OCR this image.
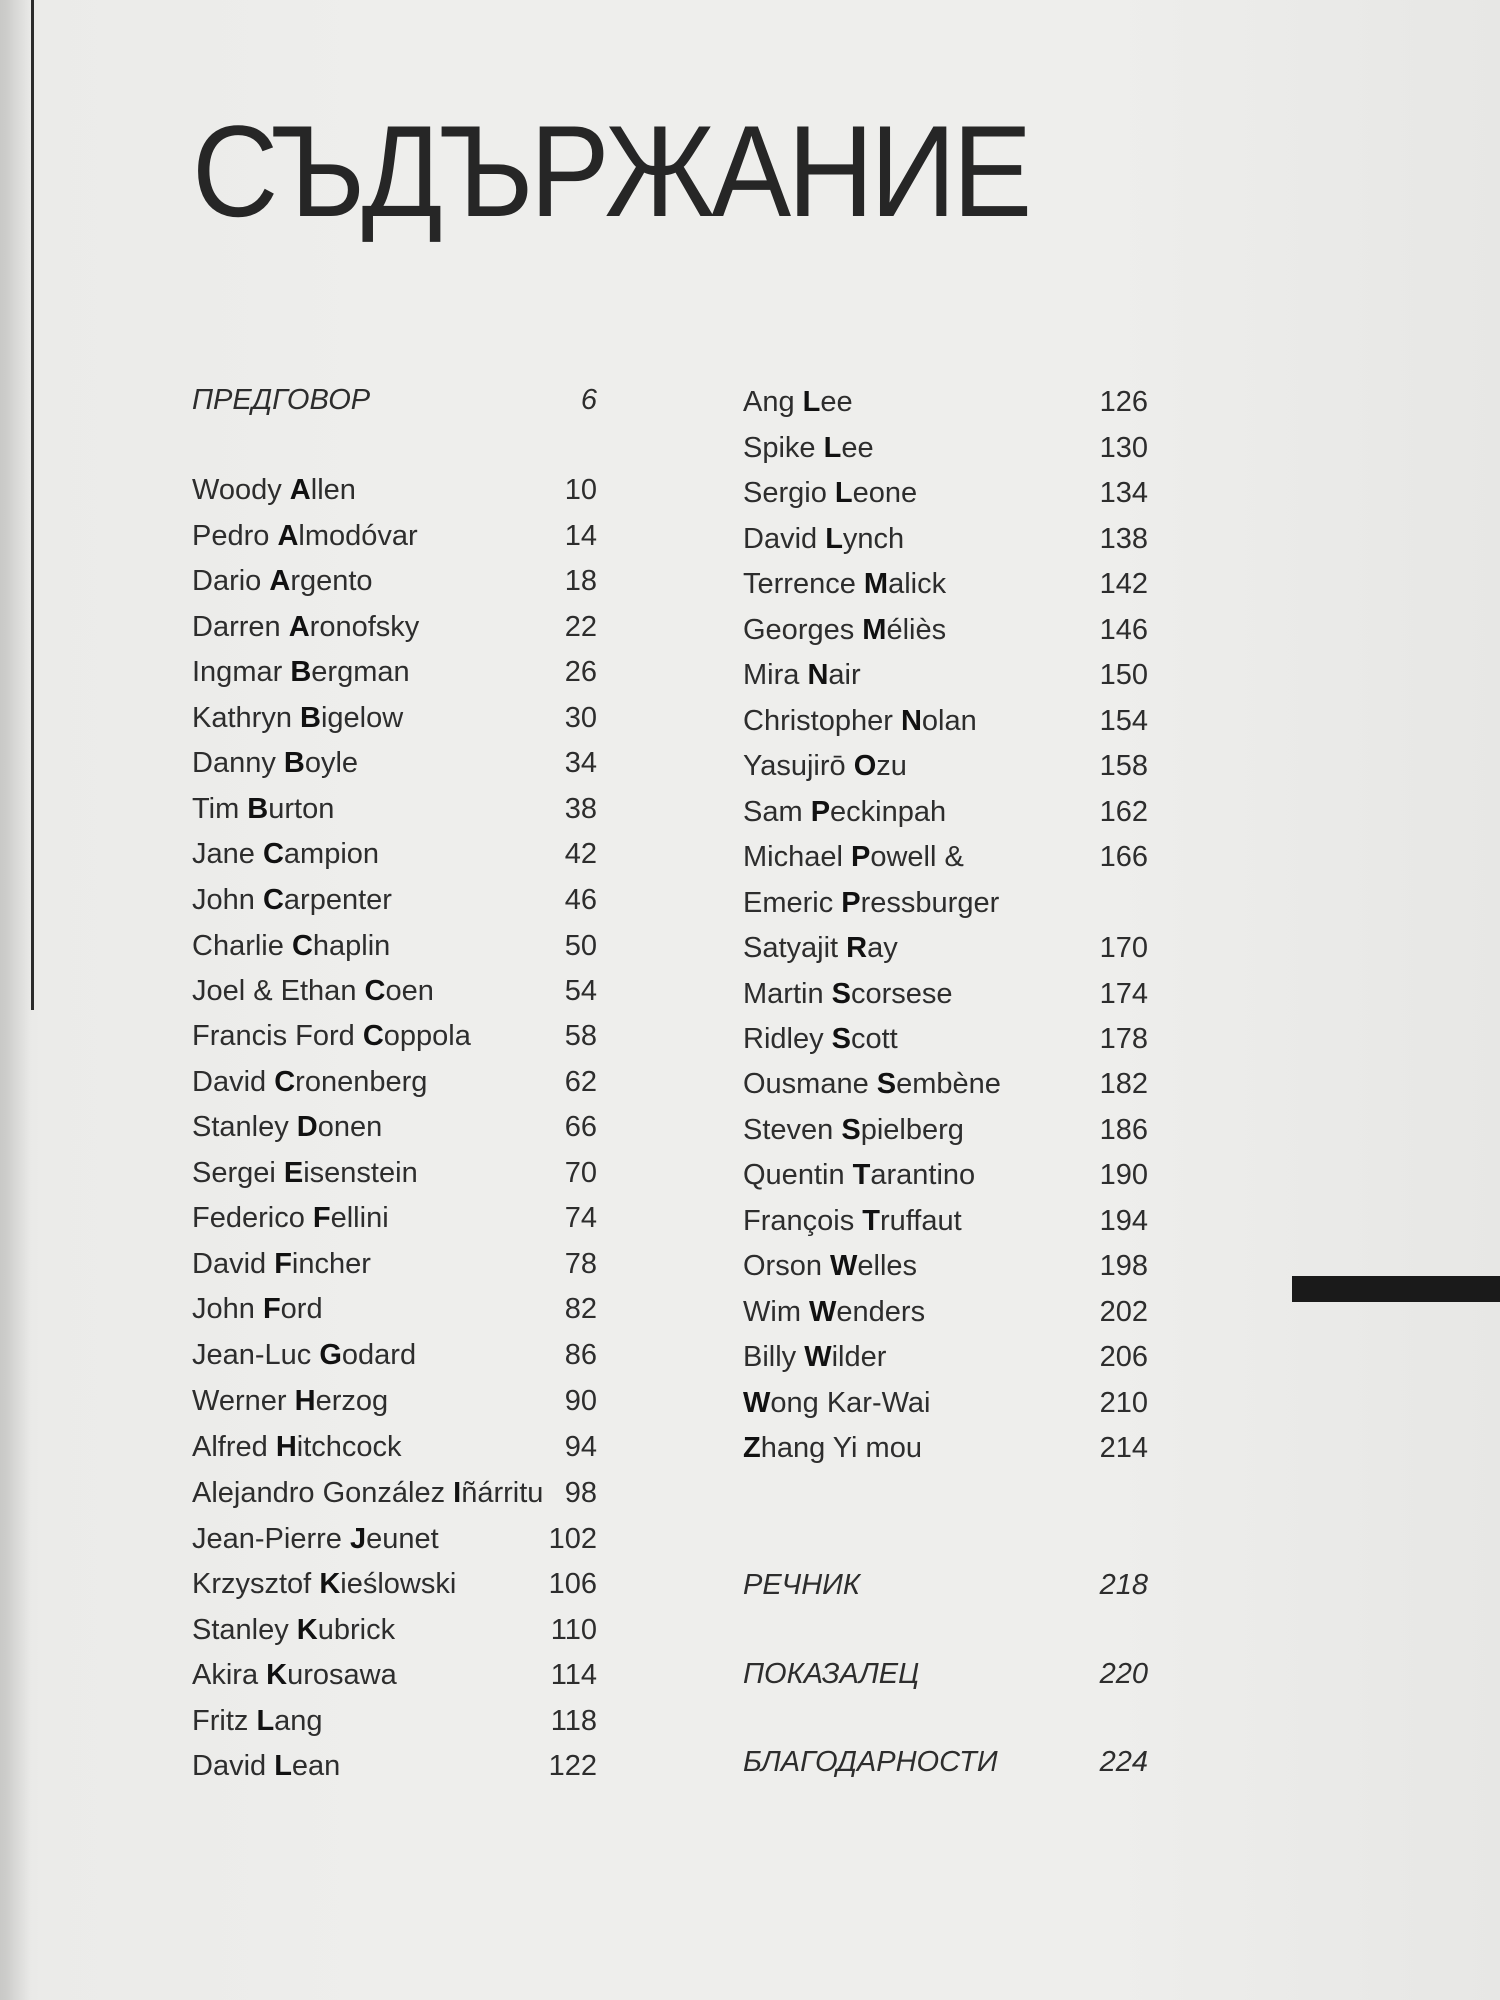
СЪДЪРЖАНИЕ
ПРЕДГОВОР	6
Woody Allen	10
Pedro Almodóvar	14
Dario Argento	18
Darren Aronofsky	22
Ingmar Bergman	26
Kathryn Bigelow	30
Danny Boyle	34
Tim Burton	38
Jane Campion	42
John Carpenter	46
Charlie Chaplin	50
Joel & Ethan Coen	54
Francis Ford Coppola	58
David Cronenberg	62
Stanley Donen	66
Sergei Eisenstein	70
Federico Fellini	74
David Fincher	78
John Ford	82
Jean-Luc Godard	86
Werner Herzog	90
Alfred Hitchcock	94
Alejandro González Iñárritu 98
Jean-Pierre Jeunet	102
Krzysztof Kieślowski	106
Stanley Kubrick	110
Akira Kurosawa	114
Fritz Lang	118
David Lean	122
Ang Lee	126
Spike Lee	130
Sergio Leone	134
David Lynch	138
Terrence Malick	142
Georges Méliès	146
Mira Nair	150
Christopher Nolan	154
Yasujirō Ozu	158
Sam Peckinpah	162
Michael Powell &	166
Emeric Pressburger
Satyajit Ray	170
Martin Scorsese	174
Ridley Scott	178
Ousmane Sembène	182
Steven Spielberg	186
Quentin Tarantino	190
François Truffaut	194
Orson Welles	198
Wim Wenders	202
Billy Wilder	206
Wong Kar-Wai	210
Zhang Yi mou	214
РЕЧНИК	218
ПОКАЗАЛЕЦ	220
БЛАГОДАРНОСТИ	224
